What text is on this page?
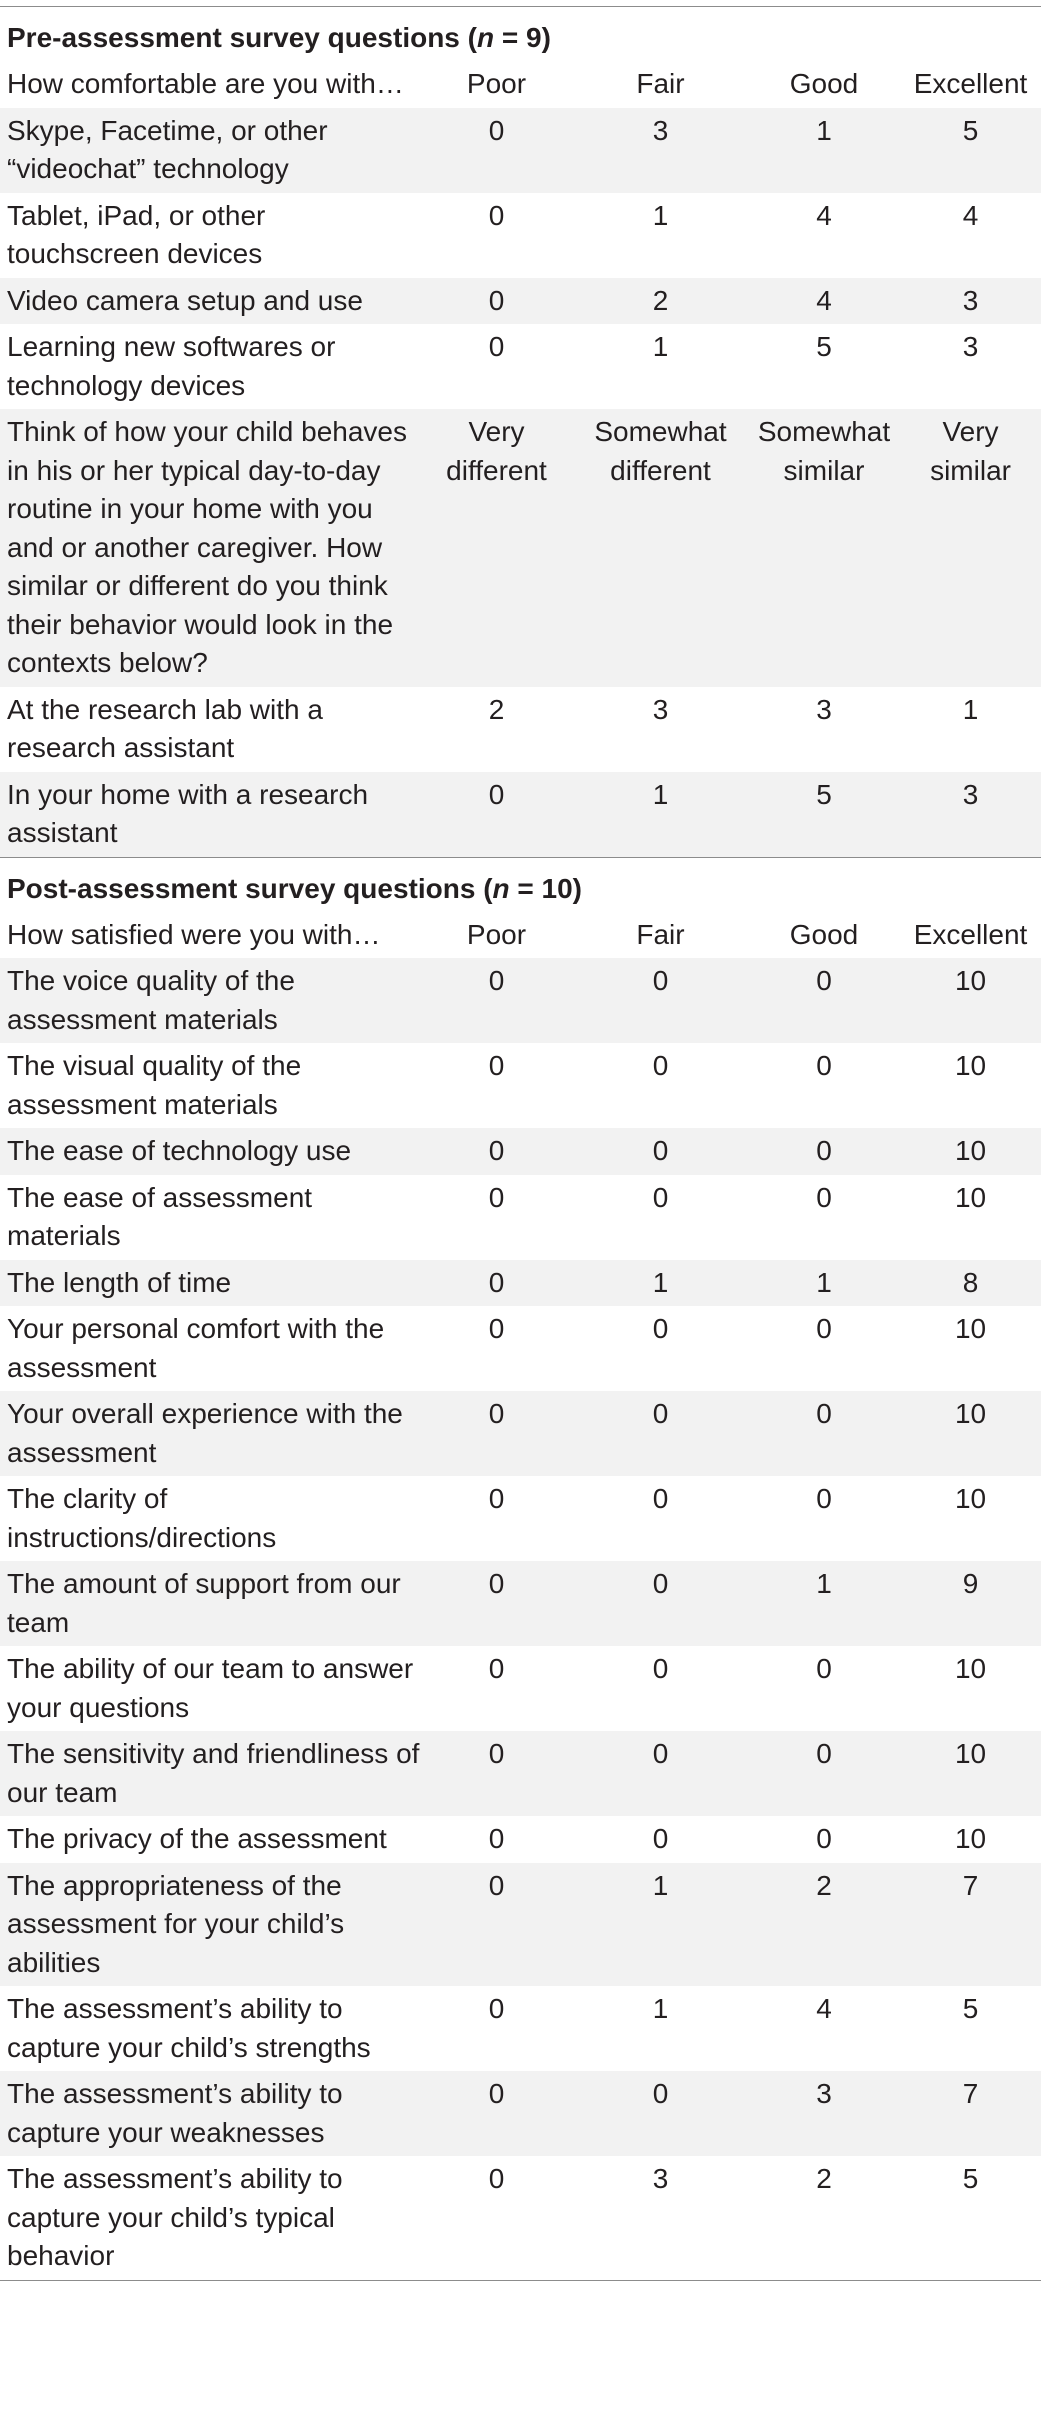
Pre-assessment survey questions (n = 9)				
How comfortable are you with…	Poor	Fair	Good	Excellent
Skype, Facetime, or other “videochat” technology	0	3	1	5
Tablet, iPad, or other touchscreen devices	0	1	4	4
Video camera setup and use	0	2	4	3
Learning new softwares or technology devices	0	1	5	3
Think of how your child behaves in his or her typical day-to-day routine in your home with you and or another caregiver. How similar or different do you think their behavior would look in the contexts below?	Very different	Somewhat different	Somewhat similar	Very similar
At the research lab with a research assistant	2	3	3	1
In your home with a research assistant	0	1	5	3

Post-assessment survey questions (n = 10)				
How satisfied were you with…	Poor	Fair	Good	Excellent
The voice quality of the assessment materials	0	0	0	10
The visual quality of the assessment materials	0	0	0	10
The ease of technology use	0	0	0	10
The ease of assessment materials	0	0	0	10
The length of time	0	1	1	8
Your personal comfort with the assessment	0	0	0	10
Your overall experience with the assessment	0	0	0	10
The clarity of instructions/directions	0	0	0	10
The amount of support from our team	0	0	1	9
The ability of our team to answer your questions	0	0	0	10
The sensitivity and friendliness of our team	0	0	0	10
The privacy of the assessment	0	0	0	10
The appropriateness of the assessment for your child’s abilities	0	1	2	7
The assessment’s ability to capture your child’s strengths	0	1	4	5
The assessment’s ability to capture your weaknesses	0	0	3	7
The assessment’s ability to capture your child’s typical behavior	0	3	2	5
